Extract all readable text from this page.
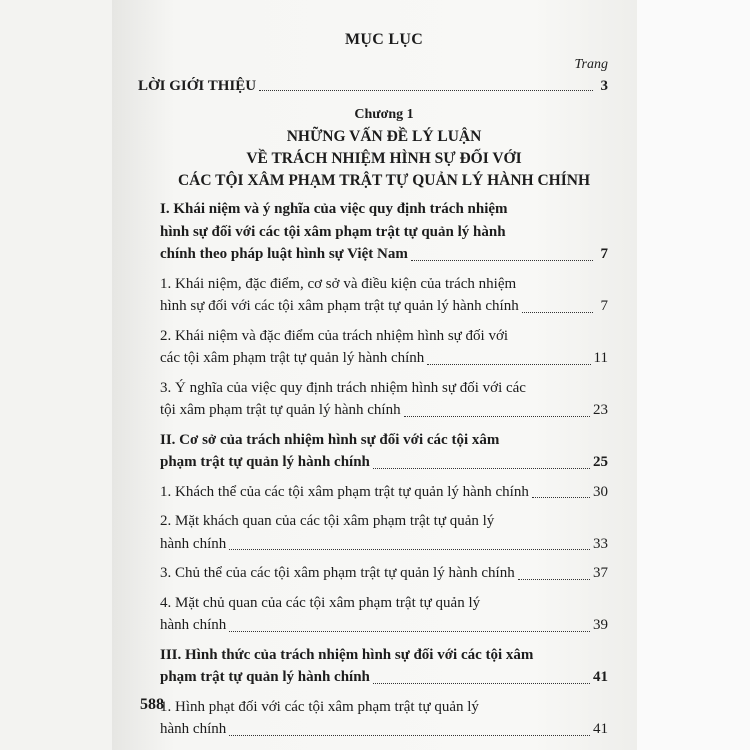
MỤC LỤC
Trang
LỜI GIỚI THIỆU	3
Chương 1
NHỮNG VẤN ĐỀ LÝ LUẬN
VỀ TRÁCH NHIỆM HÌNH SỰ ĐỐI VỚI
CÁC TỘI XÂM PHẠM TRẬT TỰ QUẢN LÝ HÀNH CHÍNH
I. Khái niệm và ý nghĩa của việc quy định trách nhiệm
hình sự đối với các tội xâm phạm trật tự quản lý hành
chính theo pháp luật hình sự Việt Nam	7
1. Khái niệm, đặc điểm, cơ sở và điều kiện của trách nhiệm
hình sự đối với các tội xâm phạm trật tự quản lý hành chính	7
2. Khái niệm và đặc điểm của trách nhiệm hình sự đối với
các tội xâm phạm trật tự quản lý hành chính	11
3. Ý nghĩa của việc quy định trách nhiệm hình sự đối với các
tội xâm phạm trật tự quản lý hành chính	23
II. Cơ sở của trách nhiệm hình sự đối với các tội xâm
phạm trật tự quản lý hành chính	25
1. Khách thể của các tội xâm phạm trật tự quản lý hành chính	30
2. Mặt khách quan của các tội xâm phạm trật tự quản lý
hành chính	33
3. Chủ thể của các tội xâm phạm trật tự quản lý hành chính	37
4. Mặt chủ quan của các tội xâm phạm trật tự quản lý
hành chính	39
III. Hình thức của trách nhiệm hình sự đối với các tội xâm
phạm trật tự quản lý hành chính	41
1. Hình phạt đối với các tội xâm phạm trật tự quản lý
hành chính	41
588
